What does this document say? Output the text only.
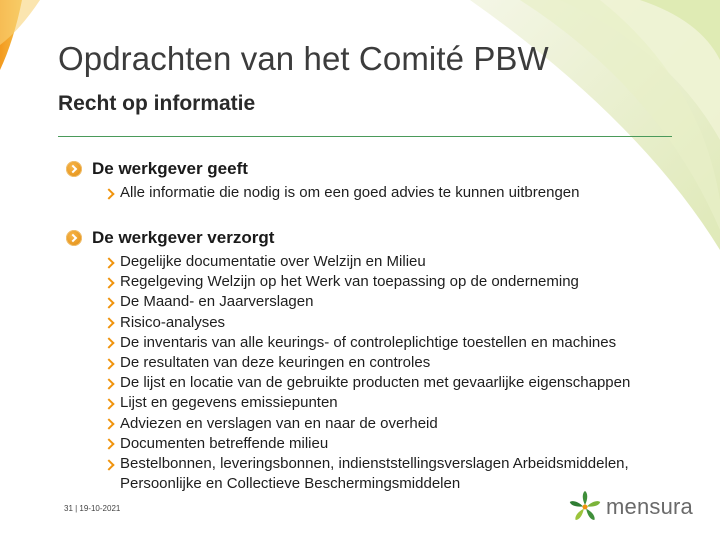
Opdrachten van het Comité PBW
Recht op informatie
De werkgever geeft
Alle informatie die nodig is om een goed advies te kunnen uitbrengen
De werkgever verzorgt
Degelijke documentatie over Welzijn en Milieu
Regelgeving Welzijn op het Werk van toepassing op de onderneming
De Maand- en Jaarverslagen
Risico-analyses
De inventaris van alle keurings- of controleplichtige toestellen en machines
De resultaten van deze keuringen en controles
De lijst en locatie van de gebruikte producten met gevaarlijke eigenschappen
Lijst en gegevens emissiepunten
Adviezen en verslagen van en naar de overheid
Documenten betreffende milieu
Bestelbonnen, leveringsbonnen, indienststellingsverslagen Arbeidsmiddelen, Persoonlijke en Collectieve Beschermingsmiddelen
31 | 19-10-2021	mensura
